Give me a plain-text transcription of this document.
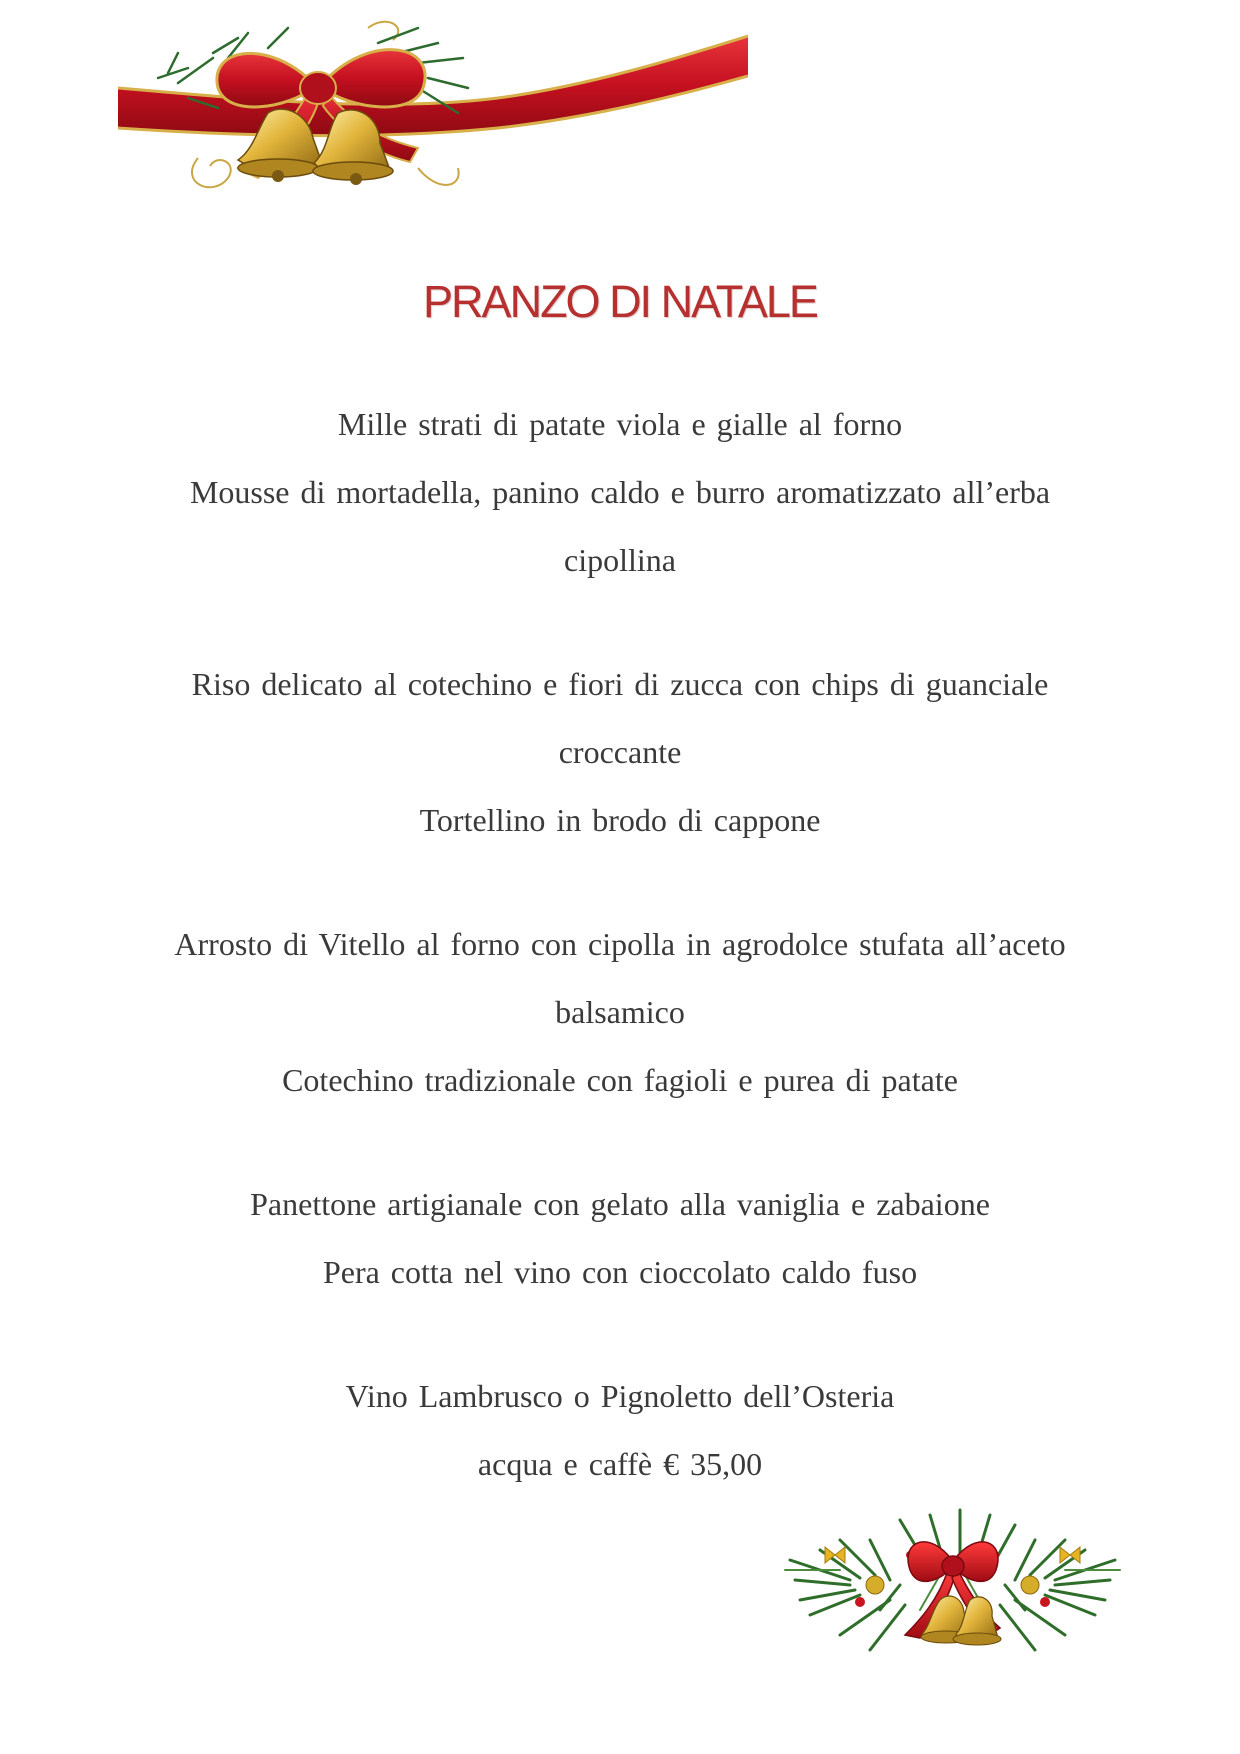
PRANZO DI NATALE
Mille strati di patate viola e gialle al forno
Mousse di mortadella, panino caldo e burro aromatizzato all’erba
cipollina
Riso delicato al cotechino e fiori di zucca con chips di guanciale
croccante
Tortellino in brodo di cappone
Arrosto di Vitello al forno con cipolla in agrodolce stufata all’aceto
balsamico
Cotechino tradizionale con fagioli e purea di patate
Panettone artigianale con gelato alla vaniglia e zabaione
Pera cotta nel vino con cioccolato caldo fuso
Vino Lambrusco o Pignoletto dell’Osteria
acqua e caffè € 35,00
